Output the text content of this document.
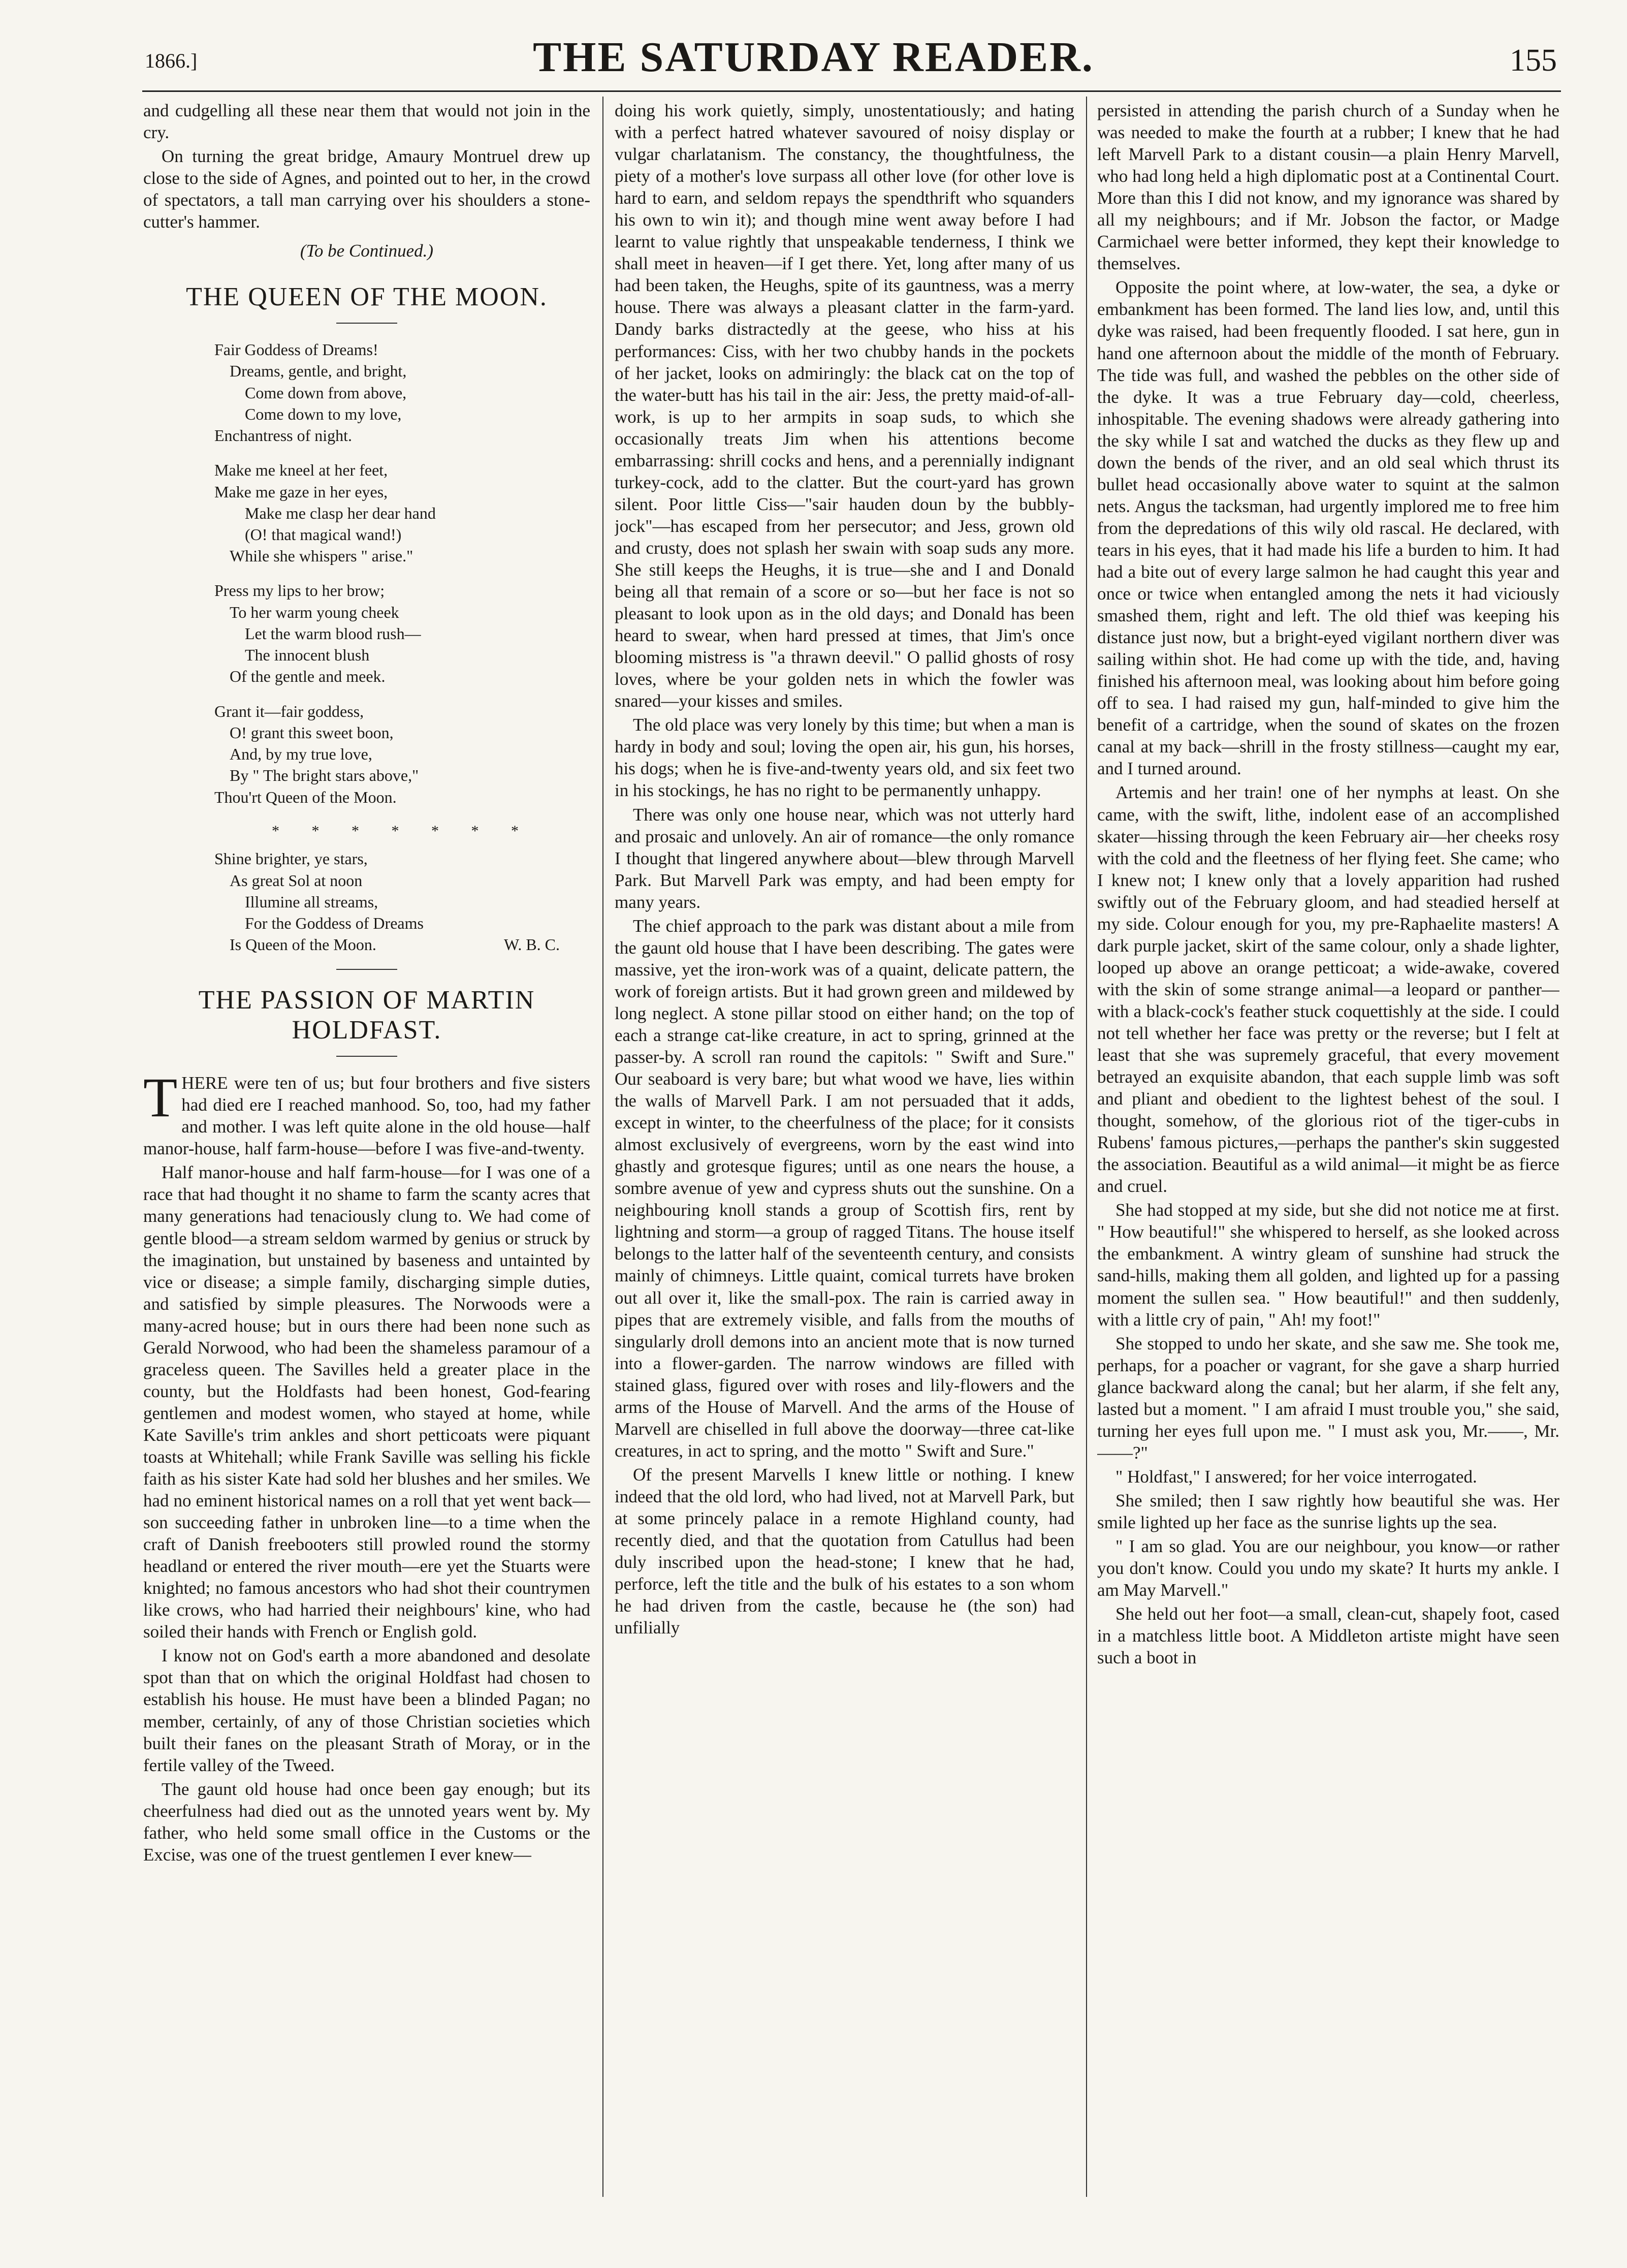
1866.]	THE SATURDAY READER.	155

and cudgelling all these near them that would not join in the cry.

On turning the great bridge, Amaury Montruel drew up close to the side of Agnes, and pointed out to her, in the crowd of spectators, a tall man carrying over his shoulders a stone-cutter's hammer.

(To be Continued.)
THE QUEEN OF THE MOON.
Fair Goddess of Dreams!
Dreams, gentle, and bright,
Come down from above,
Come down to my love,
Enchantress of night.
Make me kneel at her feet,
Make me gaze in her eyes,
Make me clasp her dear hand
(O! that magical wand!)
While she whispers " arise."
Press my lips to her brow;
To her warm young cheek
Let the warm blood rush—
The innocent blush
Of the gentle and meek.
Grant it—fair goddess,
O! grant this sweet boon,
And, by my true love,
By " The bright stars above,"
Thou'rt Queen of the Moon.
* * * * * * *
Shine brighter, ye stars,
As great Sol at noon
Illumine all streams,
For the Goddess of Dreams
Is Queen of the Moon.	W. B. C.
THE PASSION OF MARTIN HOLDFAST.

THERE were ten of us; but four brothers and five sisters had died ere I reached manhood. So, too, had my father and mother. I was left quite alone in the old house—half manor-house, half farm-house—before I was five-and-twenty.

Half manor-house and half farm-house—for I was one of a race that had thought it no shame to farm the scanty acres that many generations had tenaciously clung to. We had come of gentle blood—a stream seldom warmed by genius or struck by the imagination, but unstained by baseness and untainted by vice or disease; a simple family, discharging simple duties, and satisfied by simple pleasures. The Norwoods were a many-acred house; but in ours there had been none such as Gerald Norwood, who had been the shameless paramour of a graceless queen. The Savilles held a greater place in the county, but the Holdfasts had been honest, God-fearing gentlemen and modest women, who stayed at home, while Kate Saville's trim ankles and short petticoats were piquant toasts at Whitehall; while Frank Saville was selling his fickle faith as his sister Kate had sold her blushes and her smiles. We had no eminent historical names on a roll that yet went back—son succeeding father in unbroken line—to a time when the craft of Danish freebooters still prowled round the stormy headland or entered the river mouth—ere yet the Stuarts were knighted; no famous ancestors who had shot their countrymen like crows, who had harried their neighbours' kine, who had soiled their hands with French or English gold.

I know not on God's earth a more abandoned and desolate spot than that on which the original Holdfast had chosen to establish his house. He must have been a blinded Pagan; no member, certainly, of any of those Christian societies which built their fanes on the pleasant Strath of Moray, or in the fertile valley of the Tweed.

The gaunt old house had once been gay enough; but its cheerfulness had died out as the unnoted years went by. My father, who held some small office in the Customs or the Excise, was one of the truest gentlemen I ever knew—

doing his work quietly, simply, unostentatiously; and hating with a perfect hatred whatever savoured of noisy display or vulgar charlatanism. The constancy, the thoughtfulness, the piety of a mother's love surpass all other love (for other love is hard to earn, and seldom repays the spendthrift who squanders his own to win it); and though mine went away before I had learnt to value rightly that unspeakable tenderness, I think we shall meet in heaven—if I get there. Yet, long after many of us had been taken, the Heughs, spite of its gauntness, was a merry house. There was always a pleasant clatter in the farm-yard. Dandy barks distractedly at the geese, who hiss at his performances: Ciss, with her two chubby hands in the pockets of her jacket, looks on admiringly: the black cat on the top of the water-butt has his tail in the air: Jess, the pretty maid-of-all-work, is up to her armpits in soap suds, to which she occasionally treats Jim when his attentions become embarrassing: shrill cocks and hens, and a perennially indignant turkey-cock, add to the clatter. But the court-yard has grown silent. Poor little Ciss—"sair hauden doun by the bubbly-jock"—has escaped from her persecutor; and Jess, grown old and crusty, does not splash her swain with soap suds any more. She still keeps the Heughs, it is true—she and I and Donald being all that remain of a score or so—but her face is not so pleasant to look upon as in the old days; and Donald has been heard to swear, when hard pressed at times, that Jim's once blooming mistress is "a thrawn deevil." O pallid ghosts of rosy loves, where be your golden nets in which the fowler was snared—your kisses and smiles.

The old place was very lonely by this time; but when a man is hardy in body and soul; loving the open air, his gun, his horses, his dogs; when he is five-and-twenty years old, and six feet two in his stockings, he has no right to be permanently unhappy.

There was only one house near, which was not utterly hard and prosaic and unlovely. An air of romance—the only romance I thought that lingered anywhere about—blew through Marvell Park. But Marvell Park was empty, and had been empty for many years.

The chief approach to the park was distant about a mile from the gaunt old house that I have been describing. The gates were massive, yet the iron-work was of a quaint, delicate pattern, the work of foreign artists. But it had grown green and mildewed by long neglect. A stone pillar stood on either hand; on the top of each a strange cat-like creature, in act to spring, grinned at the passer-by. A scroll ran round the capitols: " Swift and Sure." Our seaboard is very bare; but what wood we have, lies within the walls of Marvell Park. I am not persuaded that it adds, except in winter, to the cheerfulness of the place; for it consists almost exclusively of evergreens, worn by the east wind into ghastly and grotesque figures; until as one nears the house, a sombre avenue of yew and cypress shuts out the sunshine. On a neighbouring knoll stands a group of Scottish firs, rent by lightning and storm—a group of ragged Titans. The house itself belongs to the latter half of the seventeenth century, and consists mainly of chimneys. Little quaint, comical turrets have broken out all over it, like the small-pox. The rain is carried away in pipes that are extremely visible, and falls from the mouths of singularly droll demons into an ancient mote that is now turned into a flower-garden. The narrow windows are filled with stained glass, figured over with roses and lily-flowers and the arms of the House of Marvell. And the arms of the House of Marvell are chiselled in full above the doorway—three cat-like creatures, in act to spring, and the motto " Swift and Sure."

Of the present Marvells I knew little or nothing. I knew indeed that the old lord, who had lived, not at Marvell Park, but at some princely palace in a remote Highland county, had recently died, and that the quotation from Catullus had been duly inscribed upon the head-stone; I knew that he had, perforce, left the title and the bulk of his estates to a son whom he had driven from the castle, because he (the son) had unfilially

persisted in attending the parish church of a Sunday when he was needed to make the fourth at a rubber; I knew that he had left Marvell Park to a distant cousin—a plain Henry Marvell, who had long held a high diplomatic post at a Continental Court. More than this I did not know, and my ignorance was shared by all my neighbours; and if Mr. Jobson the factor, or Madge Carmichael were better informed, they kept their knowledge to themselves.

Opposite the point where, at low-water, the sea, a dyke or embankment has been formed. The land lies low, and, until this dyke was raised, had been frequently flooded. I sat here, gun in hand one afternoon about the middle of the month of February. The tide was full, and washed the pebbles on the other side of the dyke. It was a true February day—cold, cheerless, inhospitable. The evening shadows were already gathering into the sky while I sat and watched the ducks as they flew up and down the bends of the river, and an old seal which thrust its bullet head occasionally above water to squint at the salmon nets. Angus the tacksman, had urgently implored me to free him from the depredations of this wily old rascal. He declared, with tears in his eyes, that it had made his life a burden to him. It had had a bite out of every large salmon he had caught this year and once or twice when entangled among the nets it had viciously smashed them, right and left. The old thief was keeping his distance just now, but a bright-eyed vigilant northern diver was sailing within shot. He had come up with the tide, and, having finished his afternoon meal, was looking about him before going off to sea. I had raised my gun, half-minded to give him the benefit of a cartridge, when the sound of skates on the frozen canal at my back—shrill in the frosty stillness—caught my ear, and I turned around.

Artemis and her train! one of her nymphs at least. On she came, with the swift, lithe, indolent ease of an accomplished skater—hissing through the keen February air—her cheeks rosy with the cold and the fleetness of her flying feet. She came; who I knew not; I knew only that a lovely apparition had rushed swiftly out of the February gloom, and had steadied herself at my side. Colour enough for you, my pre-Raphaelite masters! A dark purple jacket, skirt of the same colour, only a shade lighter, looped up above an orange petticoat; a wide-awake, covered with the skin of some strange animal—a leopard or panther—with a black-cock's feather stuck coquettishly at the side. I could not tell whether her face was pretty or the reverse; but I felt at least that she was supremely graceful, that every movement betrayed an exquisite abandon, that each supple limb was soft and pliant and obedient to the lightest behest of the soul. I thought, somehow, of the glorious riot of the tiger-cubs in Rubens' famous pictures,—perhaps the panther's skin suggested the association. Beautiful as a wild animal—it might be as fierce and cruel.

She had stopped at my side, but she did not notice me at first. " How beautiful!" she whispered to herself, as she looked across the embankment. A wintry gleam of sunshine had struck the sand-hills, making them all golden, and lighted up for a passing moment the sullen sea. " How beautiful!" and then suddenly, with a little cry of pain, " Ah! my foot!"

She stopped to undo her skate, and she saw me. She took me, perhaps, for a poacher or vagrant, for she gave a sharp hurried glance backward along the canal; but her alarm, if she felt any, lasted but a moment. " I am afraid I must trouble you," she said, turning her eyes full upon me. " I must ask you, Mr.——, Mr.——?"

" Holdfast," I answered; for her voice interrogated.

She smiled; then I saw rightly how beautiful she was. Her smile lighted up her face as the sunrise lights up the sea.

" I am so glad. You are our neighbour, you know—or rather you don't know. Could you undo my skate? It hurts my ankle. I am May Marvell."

She held out her foot—a small, clean-cut, shapely foot, cased in a matchless little boot. A Middleton artiste might have seen such a boot in
